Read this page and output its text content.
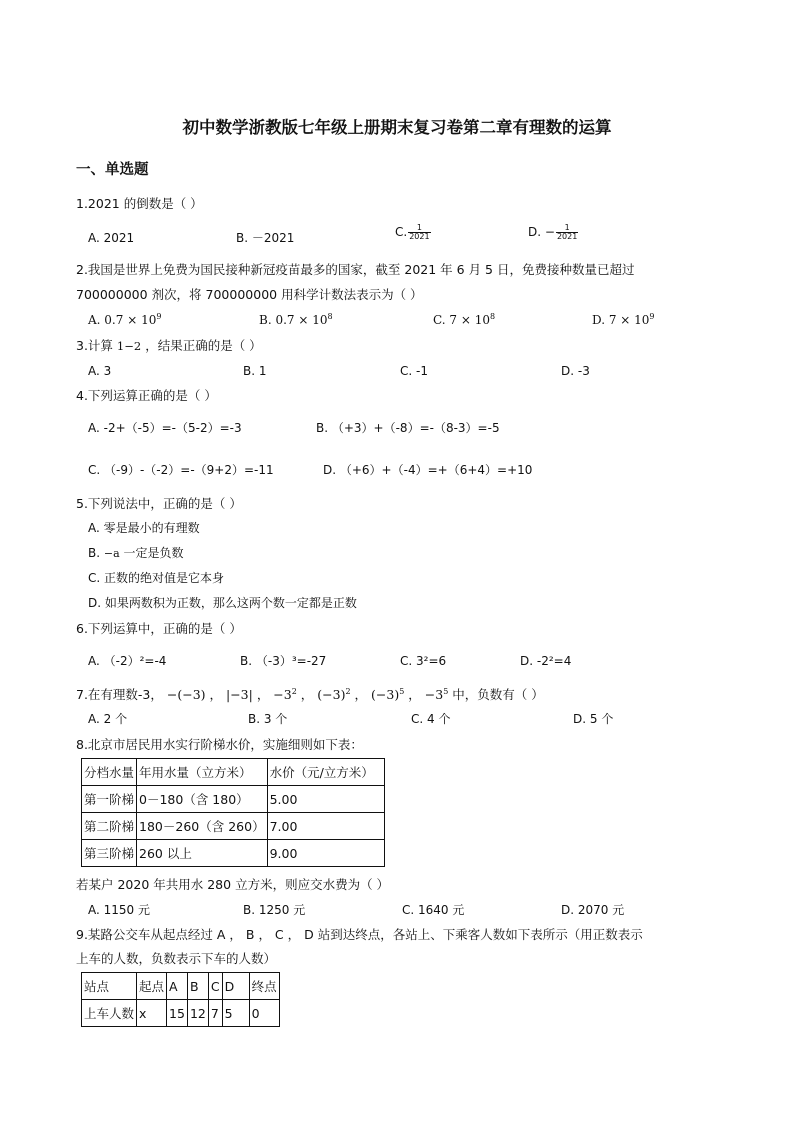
初中数学浙教版七年级上册期末复习卷第二章有理数的运算
一、单选题
1.2021 的倒数是（ ）
A. 2021	B. －2021	C. $\frac{1}{2021}$	D. − $\frac{1}{2021}$
2.我国是世界上免费为国民接种新冠疫苗最多的国家，截至 2021 年 6 月 5 日，免费接种数量已超过
700000000 剂次，将 700000000 用科学计数法表示为（ ）
A. $0.7 \times 10^9$	B. $0.7 \times 10^8$	C. $7 \times 10^8$	D. $7 \times 10^9$
3.计算 1−2 ，结果正确的是（ ）
A. 3	B. 1	C. -1	D. -3
4.下列运算正确的是（ ）
A. -2+（-5）=-（5-2）=-3	B. （+3）+（-8）=-（8-3）=-5
C. （-9）-（-2）=-（9+2）=-11	D. （+6）+（-4）=+（6+4）=+10
5.下列说法中，正确的是（ ）
A. 零是最小的有理数
B. −a 一定是负数
C. 正数的绝对值是它本身
D. 如果两数积为正数，那么这两个数一定都是正数
6.下列运算中，正确的是（ ）
A. （-2）²=-4	B. （-3）³=-27	C. 3²=6	D. -2²=4
7.在有理数-3， −(−3) ， |−3| ， $-3^2$ ， $(-3)^2$ ， $(-3)^5$ ， $-3^5$ 中，负数有（ ）
A. 2 个	B. 3 个	C. 4 个	D. 5 个
8.北京市居民用水实行阶梯水价，实施细则如下表：
分档水量	年用水量（立方米）	水价（元/立方米）
第一阶梯	0－180（含 180）	5.00
第二阶梯	180－260（含 260）	7.00
第三阶梯	260 以上	9.00
若某户 2020 年共用水 280 立方米，则应交水费为（ ）
A. 1150 元	B. 1250 元	C. 1640 元	D. 2070 元
9.某路公交车从起点经过 A ， B ， C ， D 站到达终点，各站上、下乘客人数如下表所示（用正数表示
上车的人数，负数表示下车的人数）
站点	起点	A	B	C	D	终点
上车人数	x	15	12	7	5	0
